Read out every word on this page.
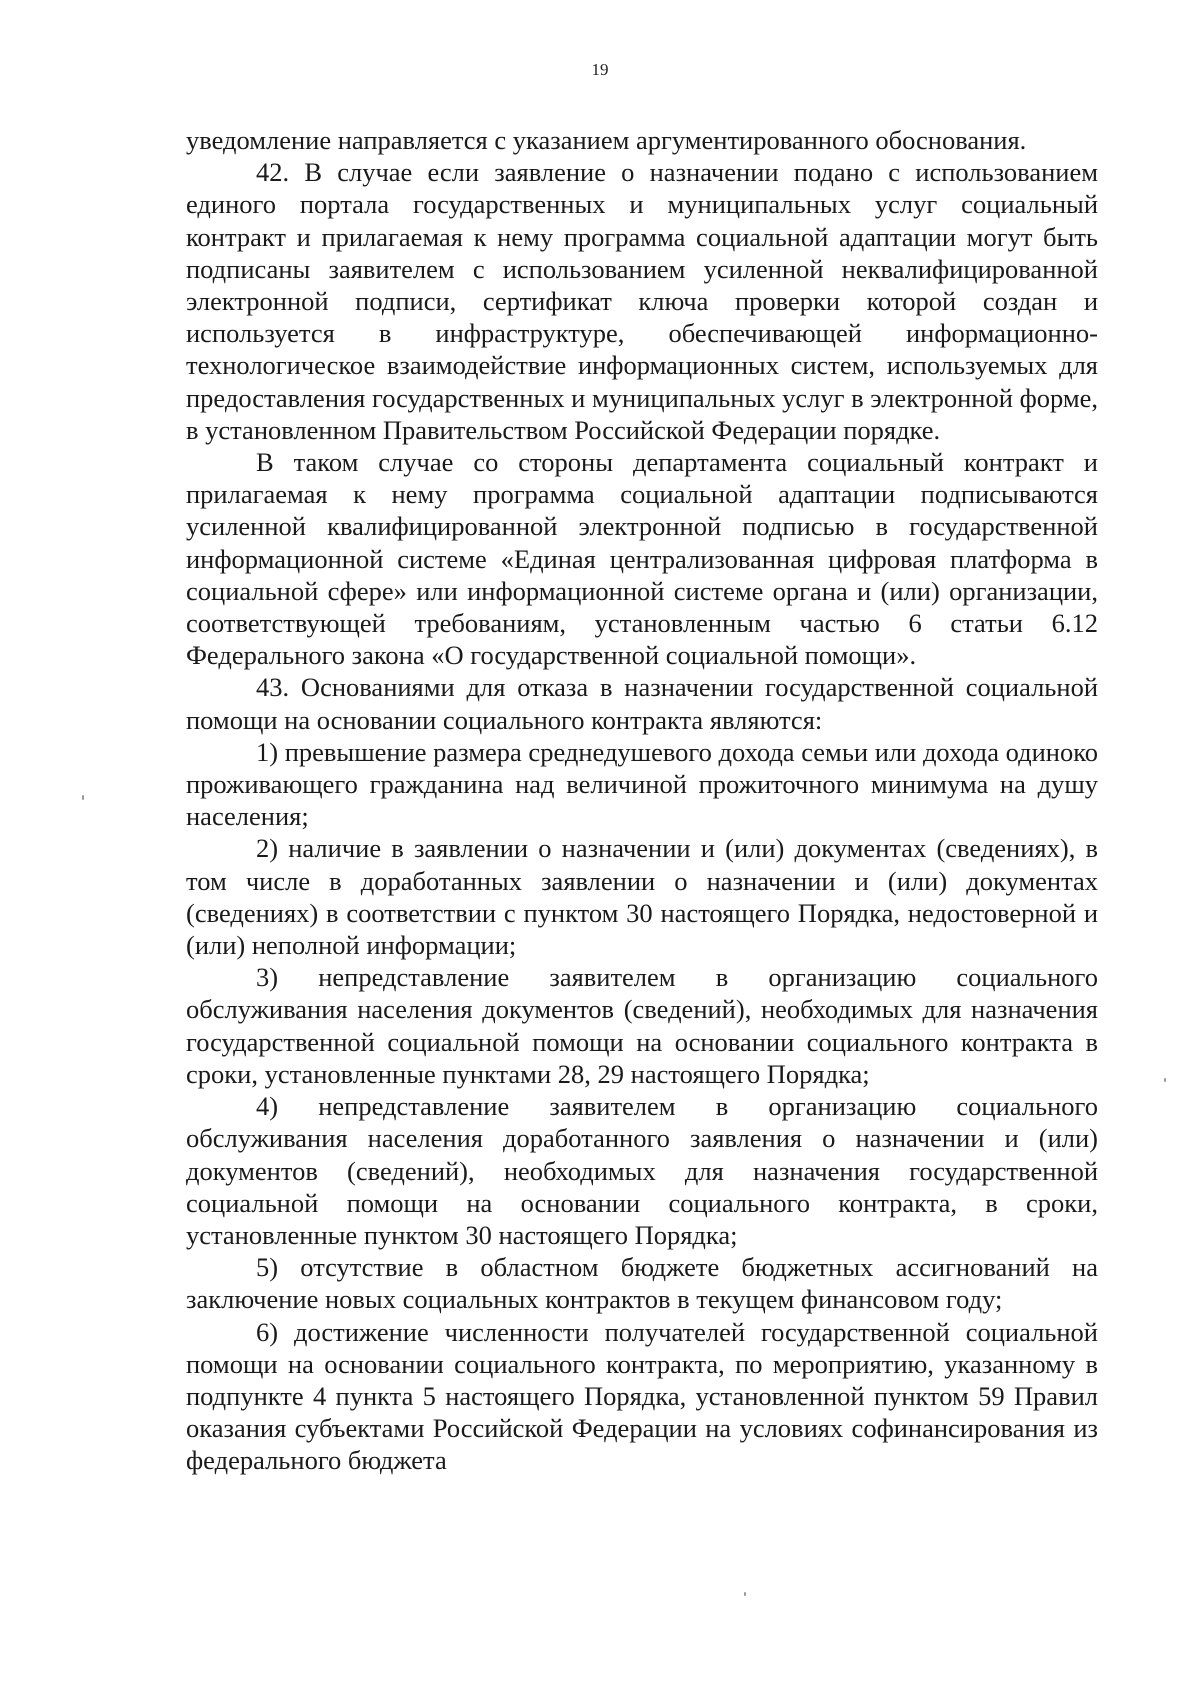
19

уведомление направляется с указанием аргументированного обоснования.

42. В случае если заявление о назначении подано с использованием единого портала государственных и муниципальных услуг социальный контракт и прилагаемая к нему программа социальной адаптации могут быть подписаны заявителем с использованием усиленной неквалифицированной электронной подписи, сертификат ключа проверки которой создан и используется в инфраструктуре, обеспечивающей информационно-технологическое взаимодействие информационных систем, используемых для предоставления государственных и муниципальных услуг в электронной форме, в установленном Правительством Российской Федерации порядке.

В таком случае со стороны департамента социальный контракт и прилагаемая к нему программа социальной адаптации подписываются усиленной квалифицированной электронной подписью в государственной информационной системе «Единая централизованная цифровая платформа в социальной сфере» или информационной системе органа и (или) организации, соответствующей требованиям, установленным частью 6 статьи 6.12 Федерального закона «О государственной социальной помощи».

43. Основаниями для отказа в назначении государственной социальной помощи на основании социального контракта являются:

1) превышение размера среднедушевого дохода семьи или дохода одиноко проживающего гражданина над величиной прожиточного минимума на душу населения;

2) наличие в заявлении о назначении и (или) документах (сведениях), в том числе в доработанных заявлении о назначении и (или) документах (сведениях) в соответствии с пунктом 30 настоящего Порядка, недостоверной и (или) неполной информации;

3) непредставление заявителем в организацию социального обслуживания населения документов (сведений), необходимых для назначения государственной социальной помощи на основании социального контракта в сроки, установленные пунктами 28, 29 настоящего Порядка;

4) непредставление заявителем в организацию социального обслуживания населения доработанного заявления о назначении и (или) документов (сведений), необходимых для назначения государственной социальной помощи на основании социального контракта, в сроки, установленные пунктом 30 настоящего Порядка;

5) отсутствие в областном бюджете бюджетных ассигнований на заключение новых социальных контрактов в текущем финансовом году;

6) достижение численности получателей государственной социальной помощи на основании социального контракта, по мероприятию, указанному в подпункте 4 пункта 5 настоящего Порядка, установленной пунктом 59 Правил оказания субъектами Российской Федерации на условиях софинансирования из федерального бюджета
